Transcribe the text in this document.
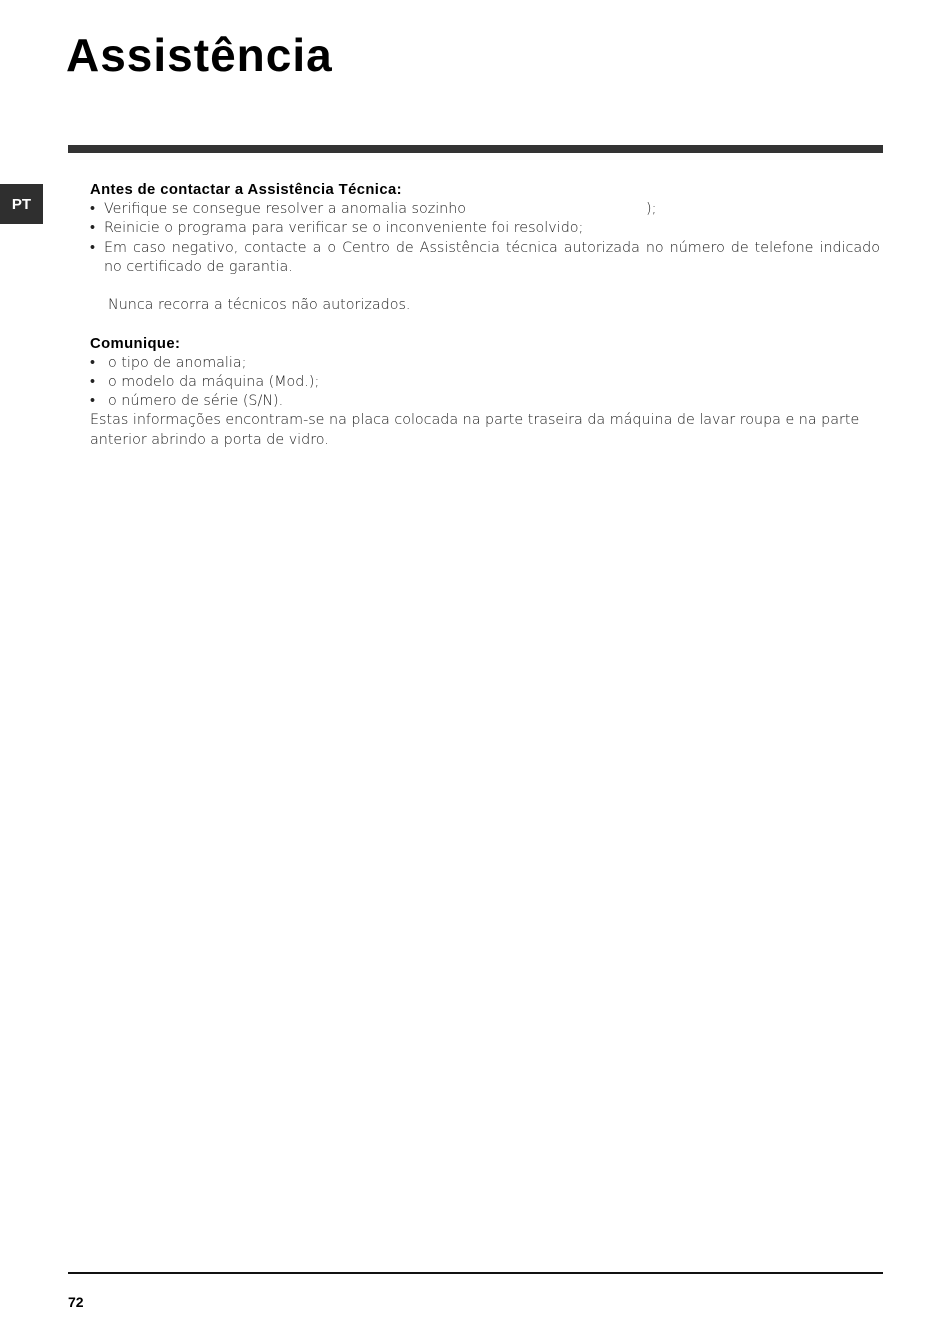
Assistência
PT
Antes de contactar a Assistência Técnica:
• Verifique se consegue resolver a anomalia sozinho	);
• Reinicie o programa para verificar se o inconveniente foi resolvido;
• Em caso negativo, contacte a o Centro de Assistência técnica autorizada no número de telefone indicado no certificado de garantia.
Nunca recorra a técnicos não autorizados.
Comunique:
• o tipo de anomalia;
• o modelo da máquina (Mod.);
• o número de série (S/N).
Estas informações encontram-se na placa colocada na parte traseira da máquina de lavar roupa e na parte anterior abrindo a porta de vidro.
72
